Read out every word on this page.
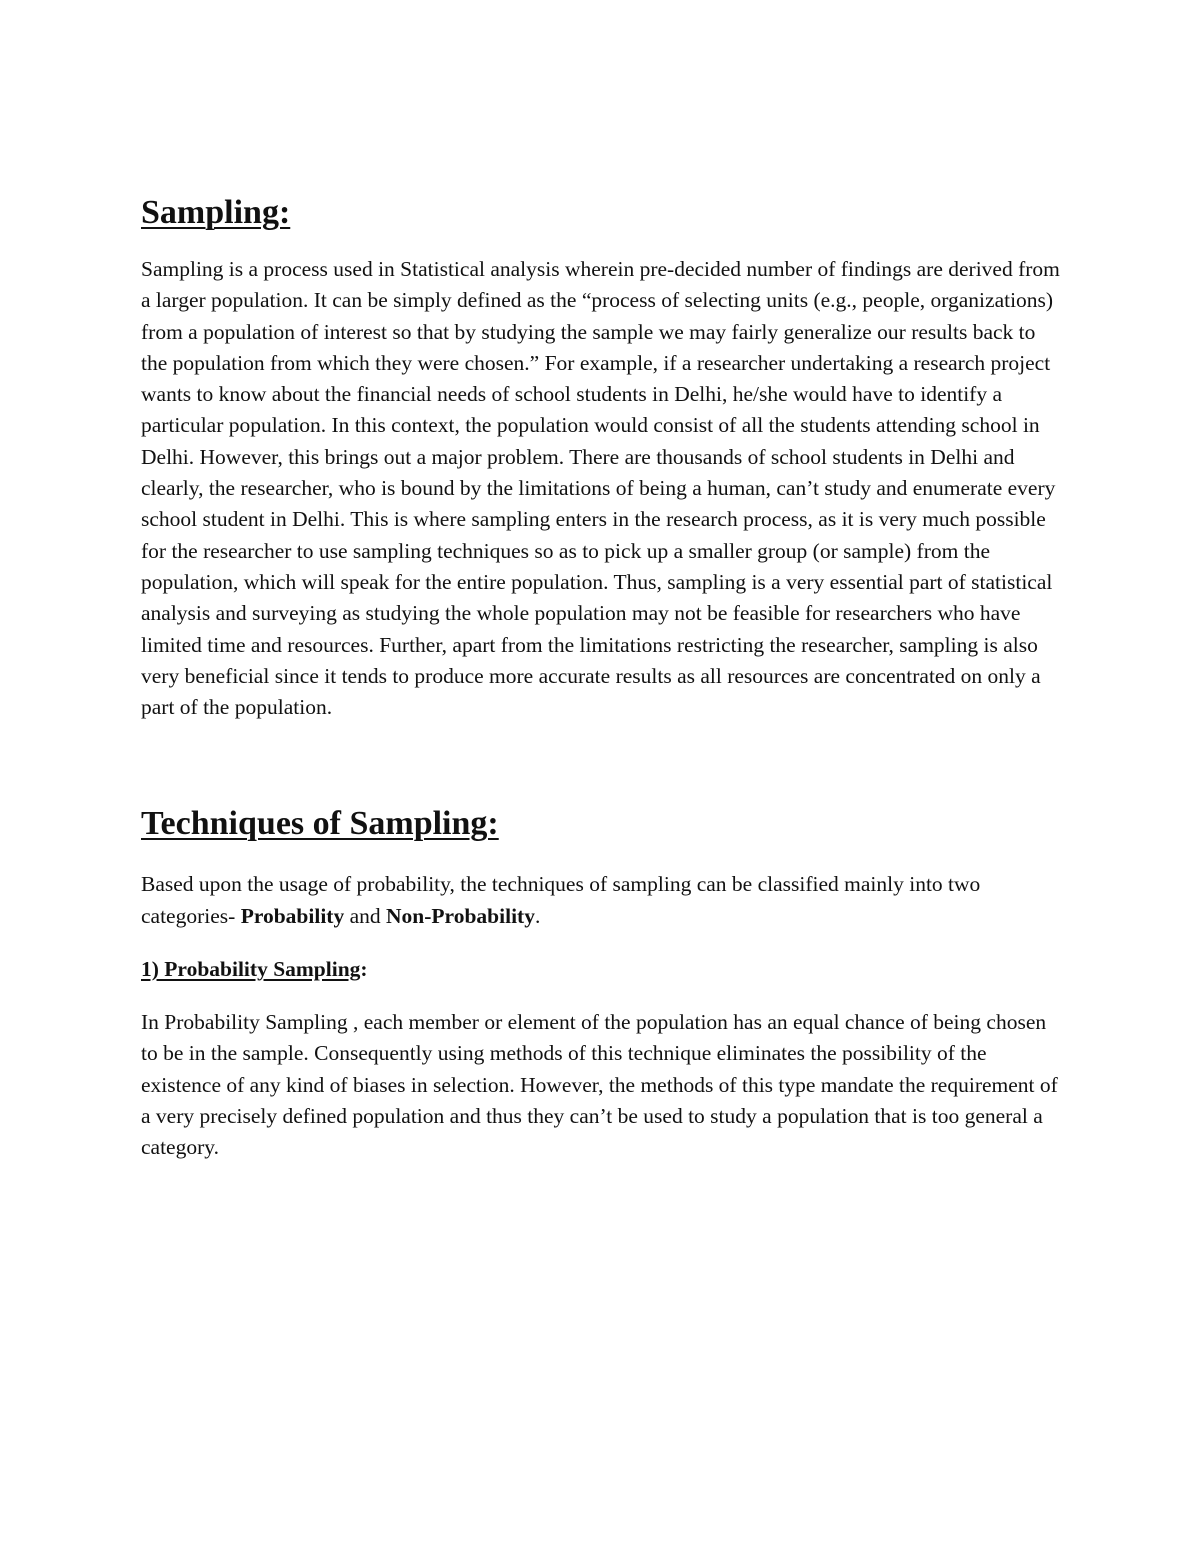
Sampling:

Sampling is a process used in Statistical analysis wherein pre-decided number of findings are derived from a larger population. It can be simply defined as the “process of selecting units (e.g., people, organizations) from a population of interest so that by studying the sample we may fairly generalize our results back to the population from which they were chosen.” For example, if a researcher undertaking a research project wants to know about the financial needs of school students in Delhi, he/she would have to identify a particular population. In this context, the population would consist of all the students attending school in Delhi. However, this brings out a major problem. There are thousands of school students in Delhi and clearly, the researcher, who is bound by the limitations of being a human, can’t study and enumerate every school student in Delhi. This is where sampling enters in the research process, as it is very much possible for the researcher to use sampling techniques so as to pick up a smaller group (or sample) from the population, which will speak for the entire population. Thus, sampling is a very essential part of statistical analysis and surveying as studying the whole population may not be feasible for researchers who have limited time and resources. Further, apart from the limitations restricting the researcher, sampling is also very beneficial since it tends to produce more accurate results as all resources are concentrated on only a part of the population.

Techniques of Sampling:

Based upon the usage of probability, the techniques of sampling can be classified mainly into two categories- Probability and Non-Probability.

1) Probability Sampling:

In Probability Sampling , each member or element of the population has an equal chance of being chosen to be in the sample. Consequently using methods of this technique eliminates the possibility of the existence of any kind of biases in selection. However, the methods of this type mandate the requirement of a very precisely defined population and thus they can’t be used to study a population that is too general a category.
